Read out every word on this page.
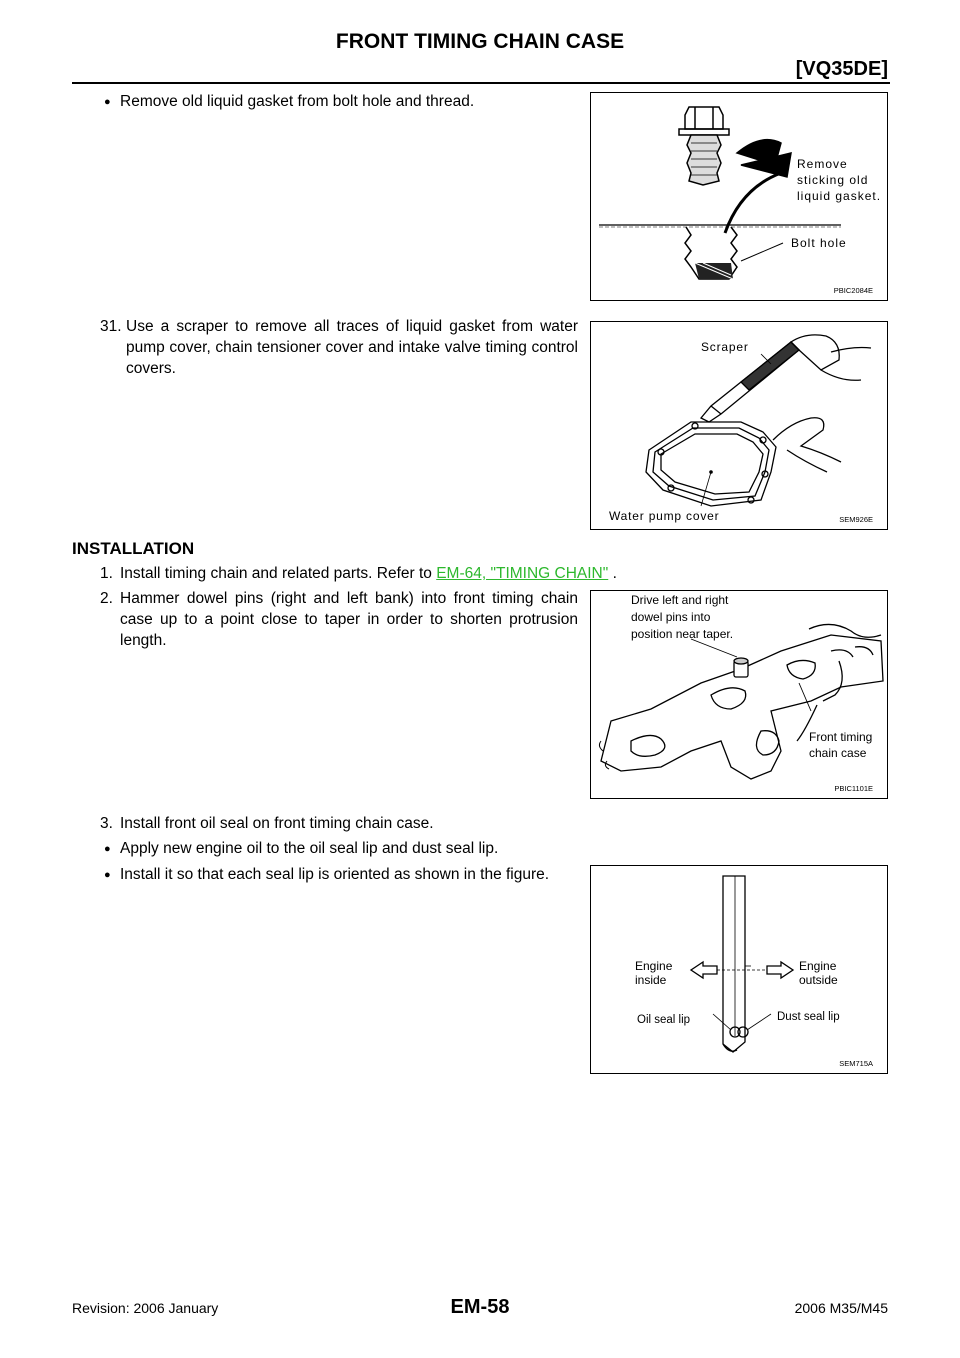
FRONT TIMING CHAIN CASE
[VQ35DE]
● Remove old liquid gasket from bolt hole and thread.
Remove
sticking old
liquid gasket.
Bolt hole
PBIC2084E
31. Use a scraper to remove all traces of liquid gasket from water pump cover, chain tensioner cover and intake valve timing control covers.
Scraper
Water pump cover	SEM926E
INSTALLATION
1. Install timing chain and related parts. Refer to EM-64, "TIMING CHAIN" .
2. Hammer dowel pins (right and left bank) into front timing chain case up to a point close to taper in order to shorten protrusion length.
Drive left and right
dowel pins into
position near taper.
Front timing
chain case
PBIC1101E
3. Install front oil seal on front timing chain case.
● Apply new engine oil to the oil seal lip and dust seal lip.
● Install it so that each seal lip is oriented as shown in the figure.
Engine
inside
Engine
outside
Oil seal lip	Dust seal lip
SEM715A
Revision: 2006 January	EM-58	2006 M35/M45
